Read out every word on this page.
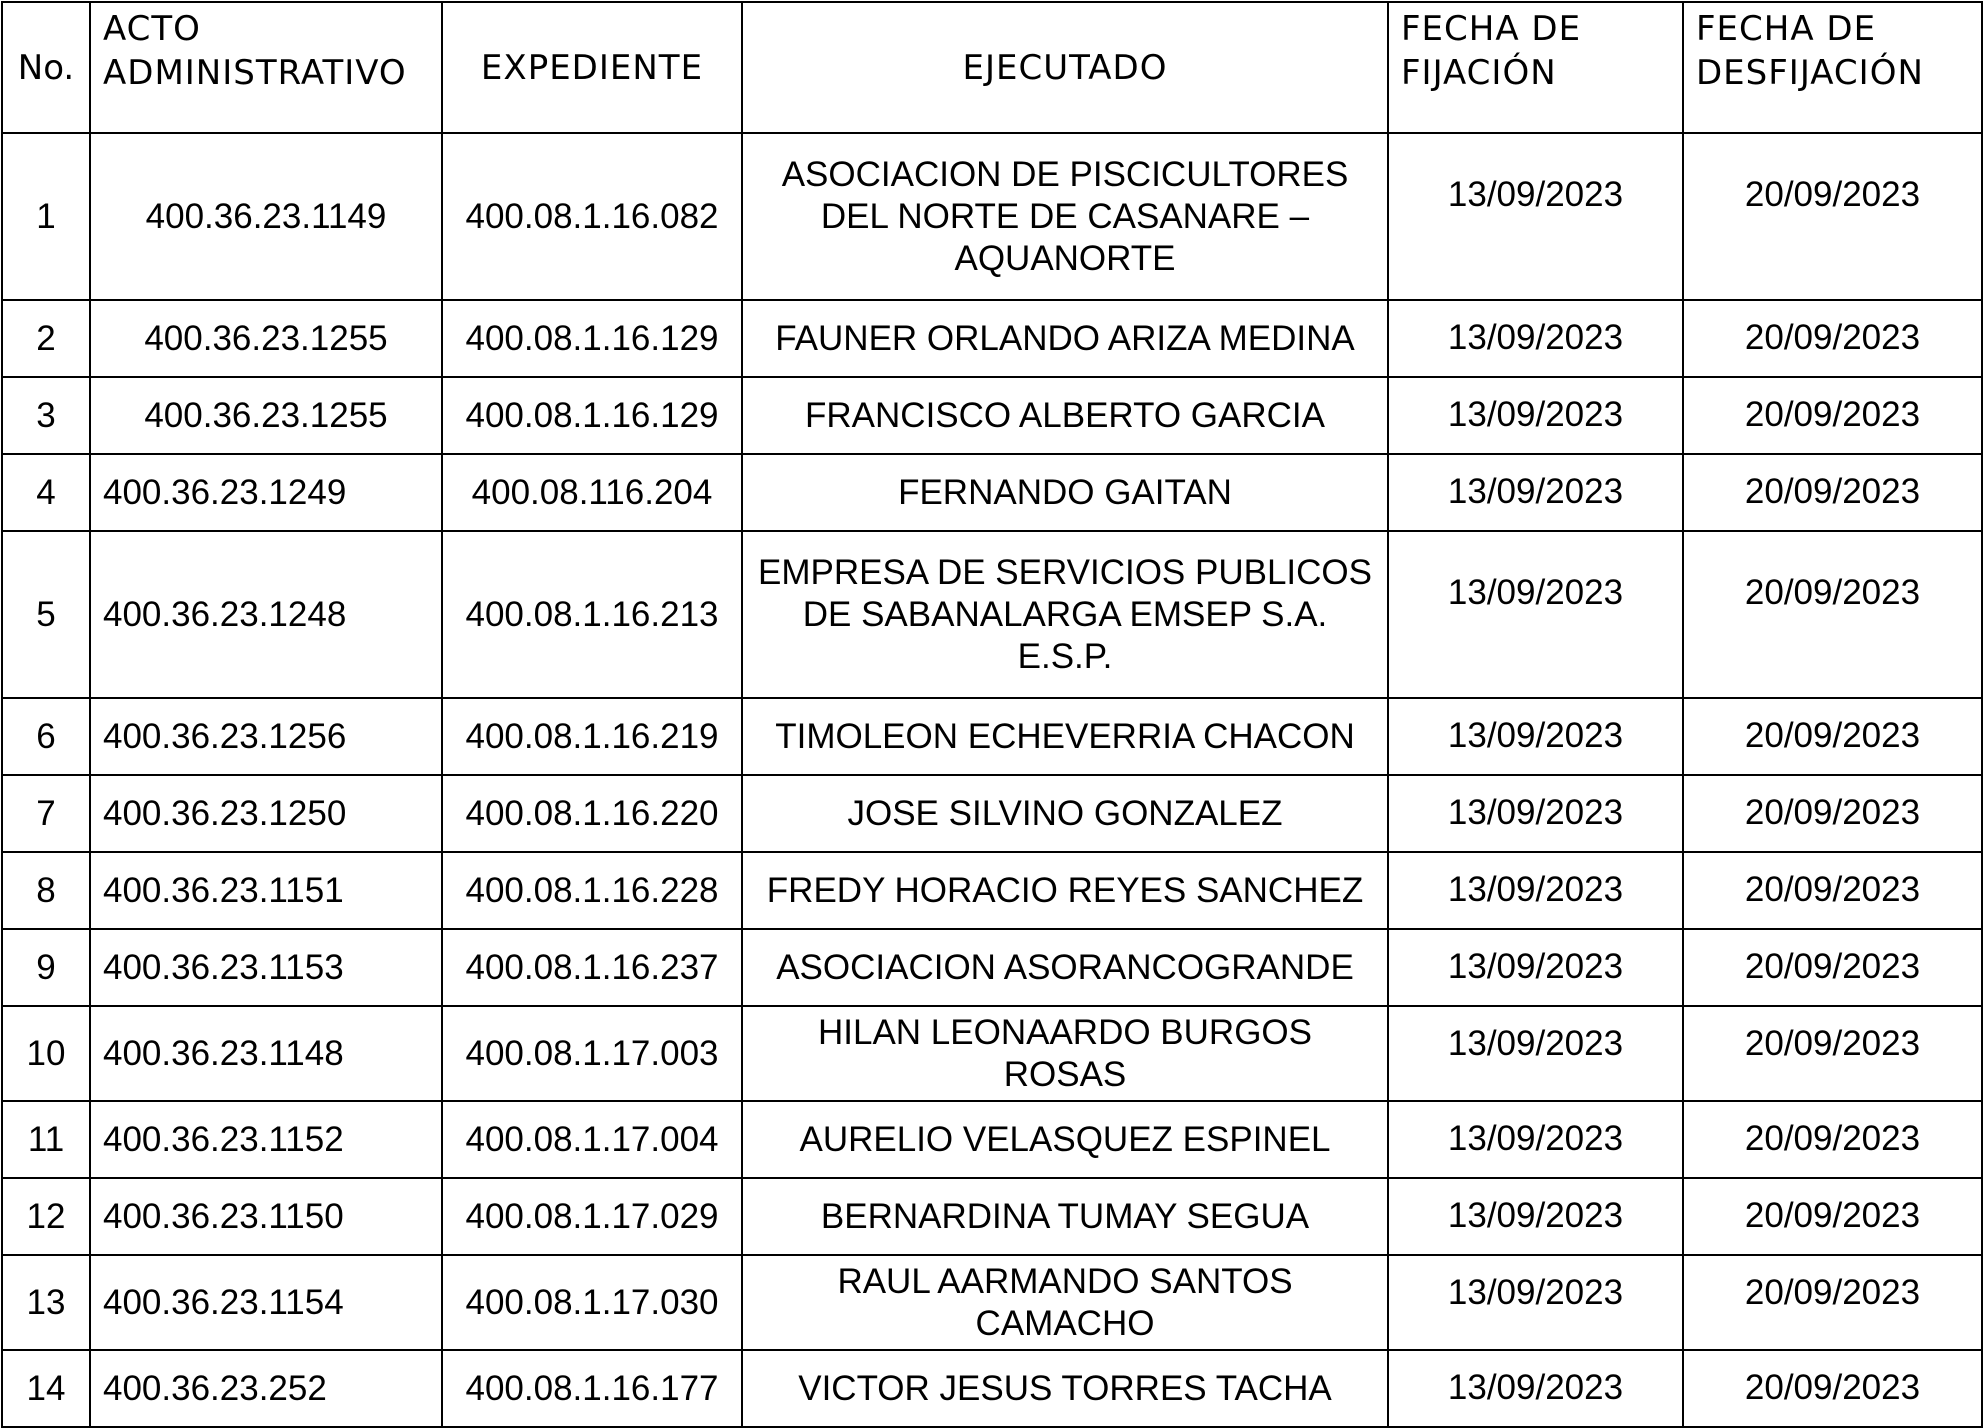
No.	ACTO ADMINISTRATIVO	EXPEDIENTE	EJECUTADO	FECHA DE FIJACIÓN	FECHA DE DESFIJACIÓN
1	400.36.23.1149	400.08.1.16.082	ASOCIACION DE PISCICULTORES DEL NORTE DE CASANARE – AQUANORTE	13/09/2023	20/09/2023
2	400.36.23.1255	400.08.1.16.129	FAUNER ORLANDO ARIZA MEDINA	13/09/2023	20/09/2023
3	400.36.23.1255	400.08.1.16.129	FRANCISCO ALBERTO GARCIA	13/09/2023	20/09/2023
4	400.36.23.1249	400.08.116.204	FERNANDO GAITAN	13/09/2023	20/09/2023
5	400.36.23.1248	400.08.1.16.213	EMPRESA DE SERVICIOS PUBLICOS DE SABANALARGA EMSEP S.A. E.S.P.	13/09/2023	20/09/2023
6	400.36.23.1256	400.08.1.16.219	TIMOLEON ECHEVERRIA CHACON	13/09/2023	20/09/2023
7	400.36.23.1250	400.08.1.16.220	JOSE SILVINO GONZALEZ	13/09/2023	20/09/2023
8	400.36.23.1151	400.08.1.16.228	FREDY HORACIO REYES SANCHEZ	13/09/2023	20/09/2023
9	400.36.23.1153	400.08.1.16.237	ASOCIACION ASORANCOGRANDE	13/09/2023	20/09/2023
10	400.36.23.1148	400.08.1.17.003	HILAN LEONAARDO BURGOS ROSAS	13/09/2023	20/09/2023
11	400.36.23.1152	400.08.1.17.004	AURELIO VELASQUEZ ESPINEL	13/09/2023	20/09/2023
12	400.36.23.1150	400.08.1.17.029	BERNARDINA TUMAY SEGUA	13/09/2023	20/09/2023
13	400.36.23.1154	400.08.1.17.030	RAUL AARMANDO SANTOS CAMACHO	13/09/2023	20/09/2023
14	400.36.23.252	400.08.1.16.177	VICTOR JESUS TORRES TACHA	13/09/2023	20/09/2023
